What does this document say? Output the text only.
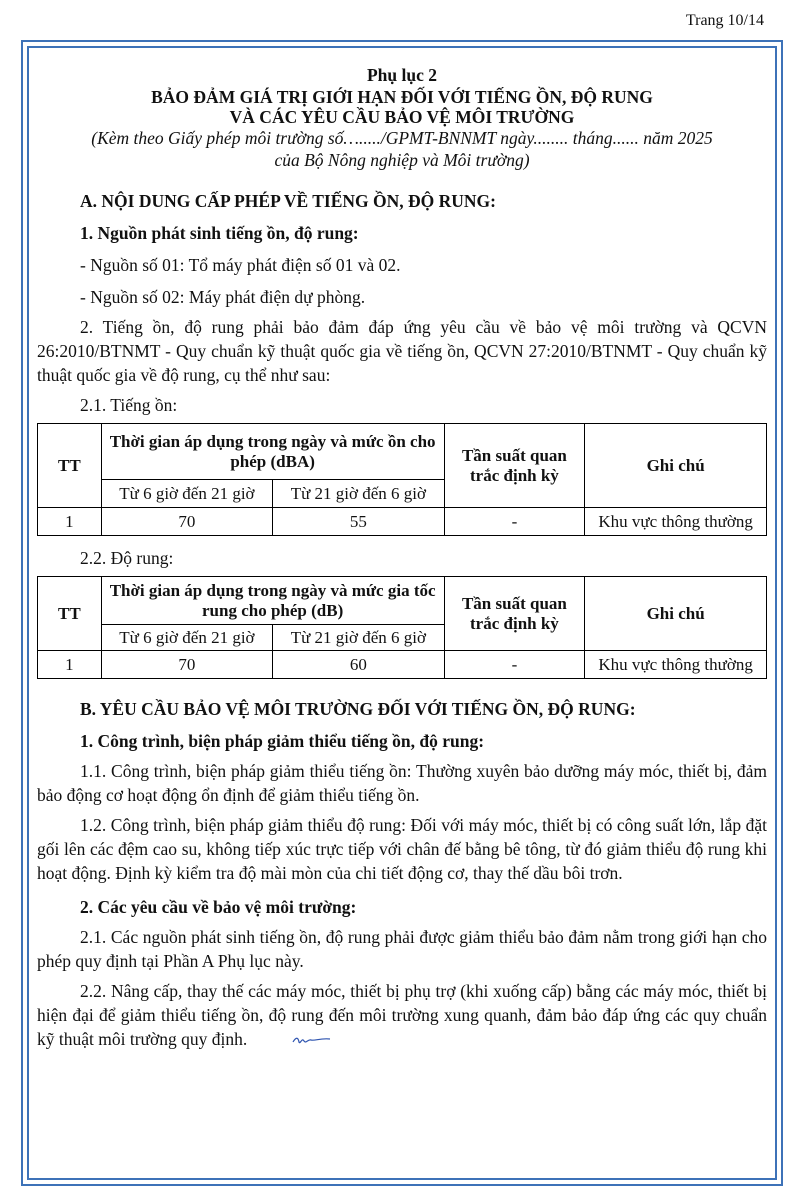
Trang 10/14
Phụ lục 2
BẢO ĐẢM GIÁ TRỊ GIỚI HẠN ĐỐI VỚI TIẾNG ỒN, ĐỘ RUNG
VÀ CÁC YÊU CẦU BẢO VỆ MÔI TRƯỜNG
(Kèm theo Giấy phép môi trường số…...../GPMT-BNNMT ngày........ tháng...... năm 2025
của Bộ Nông nghiệp và Môi trường)
A. NỘI DUNG CẤP PHÉP VỀ TIẾNG ỒN, ĐỘ RUNG:
1. Nguồn phát sinh tiếng ồn, độ rung:
- Nguồn số 01: Tổ máy phát điện số 01 và 02.
- Nguồn số 02: Máy phát điện dự phòng.
2. Tiếng ồn, độ rung phải bảo đảm đáp ứng yêu cầu về bảo vệ môi trường và QCVN 26:2010/BTNMT - Quy chuẩn kỹ thuật quốc gia về tiếng ồn, QCVN 27:2010/BTNMT - Quy chuẩn kỹ thuật quốc gia về độ rung, cụ thể như sau:
2.1. Tiếng ồn:
TT	Thời gian áp dụng trong ngày và mức ồn cho phép (dBA)		Tần suất quan trắc định kỳ	Ghi chú
	Từ 6 giờ đến 21 giờ	Từ 21 giờ đến 6 giờ		
1	70	55	-	Khu vực thông thường
2.2. Độ rung:
TT	Thời gian áp dụng trong ngày và mức gia tốc rung cho phép (dB)		Tần suất quan trắc định kỳ	Ghi chú
	Từ 6 giờ đến 21 giờ	Từ 21 giờ đến 6 giờ		
1	70	60	-	Khu vực thông thường
B. YÊU CẦU BẢO VỆ MÔI TRƯỜNG ĐỐI VỚI TIẾNG ỒN, ĐỘ RUNG:
1. Công trình, biện pháp giảm thiểu tiếng ồn, độ rung:
1.1. Công trình, biện pháp giảm thiểu tiếng ồn: Thường xuyên bảo dưỡng máy móc, thiết bị, đảm bảo động cơ hoạt động ổn định để giảm thiểu tiếng ồn.
1.2. Công trình, biện pháp giảm thiểu độ rung: Đối với máy móc, thiết bị có công suất lớn, lắp đặt gối lên các đệm cao su, không tiếp xúc trực tiếp với chân đế bằng bê tông, từ đó giảm thiểu độ rung khi hoạt động. Định kỳ kiểm tra độ mài mòn của chi tiết động cơ, thay thế dầu bôi trơn.
2. Các yêu cầu về bảo vệ môi trường:
2.1. Các nguồn phát sinh tiếng ồn, độ rung phải được giảm thiểu bảo đảm nằm trong giới hạn cho phép quy định tại Phần A Phụ lục này.
2.2. Nâng cấp, thay thế các máy móc, thiết bị phụ trợ (khi xuống cấp) bằng các máy móc, thiết bị hiện đại để giảm thiểu tiếng ồn, độ rung đến môi trường xung quanh, đảm bảo đáp ứng các quy chuẩn kỹ thuật môi trường quy định.
